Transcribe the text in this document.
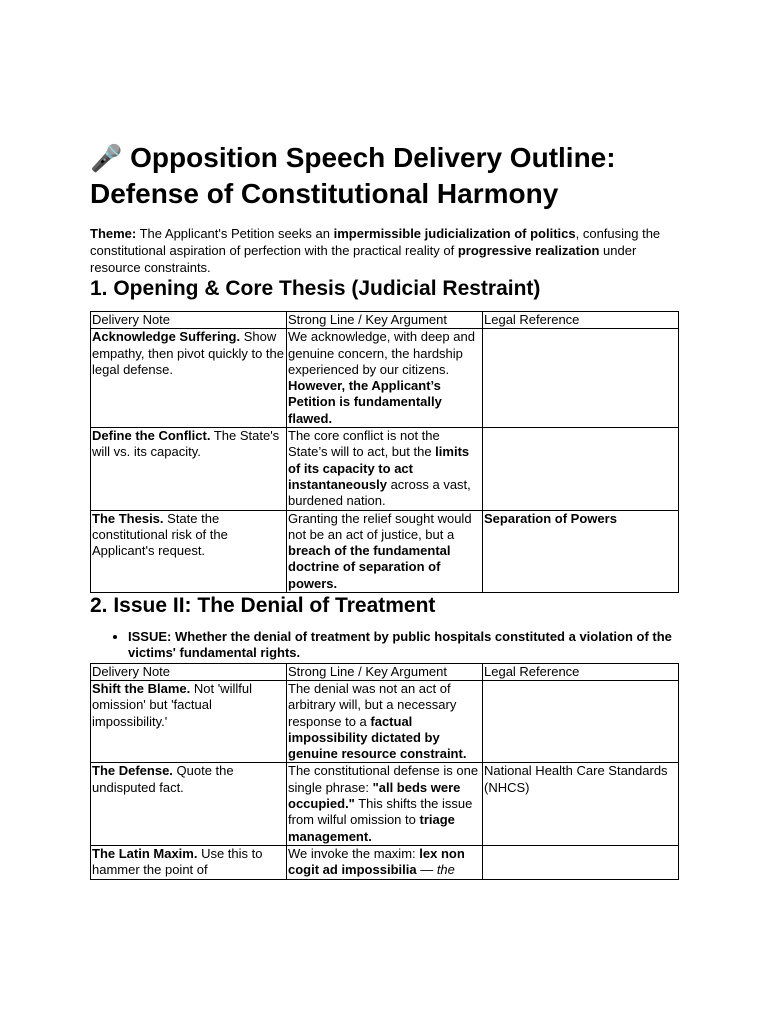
🎤 Opposition Speech Delivery Outline:
Defense of Constitutional Harmony

Theme: The Applicant's Petition seeks an impermissible judicialization of politics, confusing the constitutional aspiration of perfection with the practical reality of progressive realization under resource constraints.

1. Opening & Core Thesis (Judicial Restraint)
Delivery Note	Strong Line / Key Argument	Legal Reference
Acknowledge Suffering. Show empathy, then pivot quickly to the legal defense.	We acknowledge, with deep and genuine concern, the hardship experienced by our citizens. However, the Applicant’s Petition is fundamentally flawed.	
Define the Conflict. The State's will vs. its capacity.	The core conflict is not the State’s will to act, but the limits of its capacity to act instantaneously across a vast, burdened nation.	
The Thesis. State the constitutional risk of the Applicant's request.	Granting the relief sought would not be an act of justice, but a breach of the fundamental doctrine of separation of powers.	Separation of Powers
2. Issue II: The Denial of Treatment
• ISSUE: Whether the denial of treatment by public hospitals constituted a violation of the victims' fundamental rights.
Delivery Note	Strong Line / Key Argument	Legal Reference
Shift the Blame. Not 'willful omission' but 'factual impossibility.'	The denial was not an act of arbitrary will, but a necessary response to a factual impossibility dictated by genuine resource constraint.	
The Defense. Quote the undisputed fact.	The constitutional defense is one single phrase: "all beds were occupied." This shifts the issue from wilful omission to triage management.	National Health Care Standards (NHCS)
The Latin Maxim. Use this to hammer the point of	We invoke the maxim: lex non cogit ad impossibilia — the	
